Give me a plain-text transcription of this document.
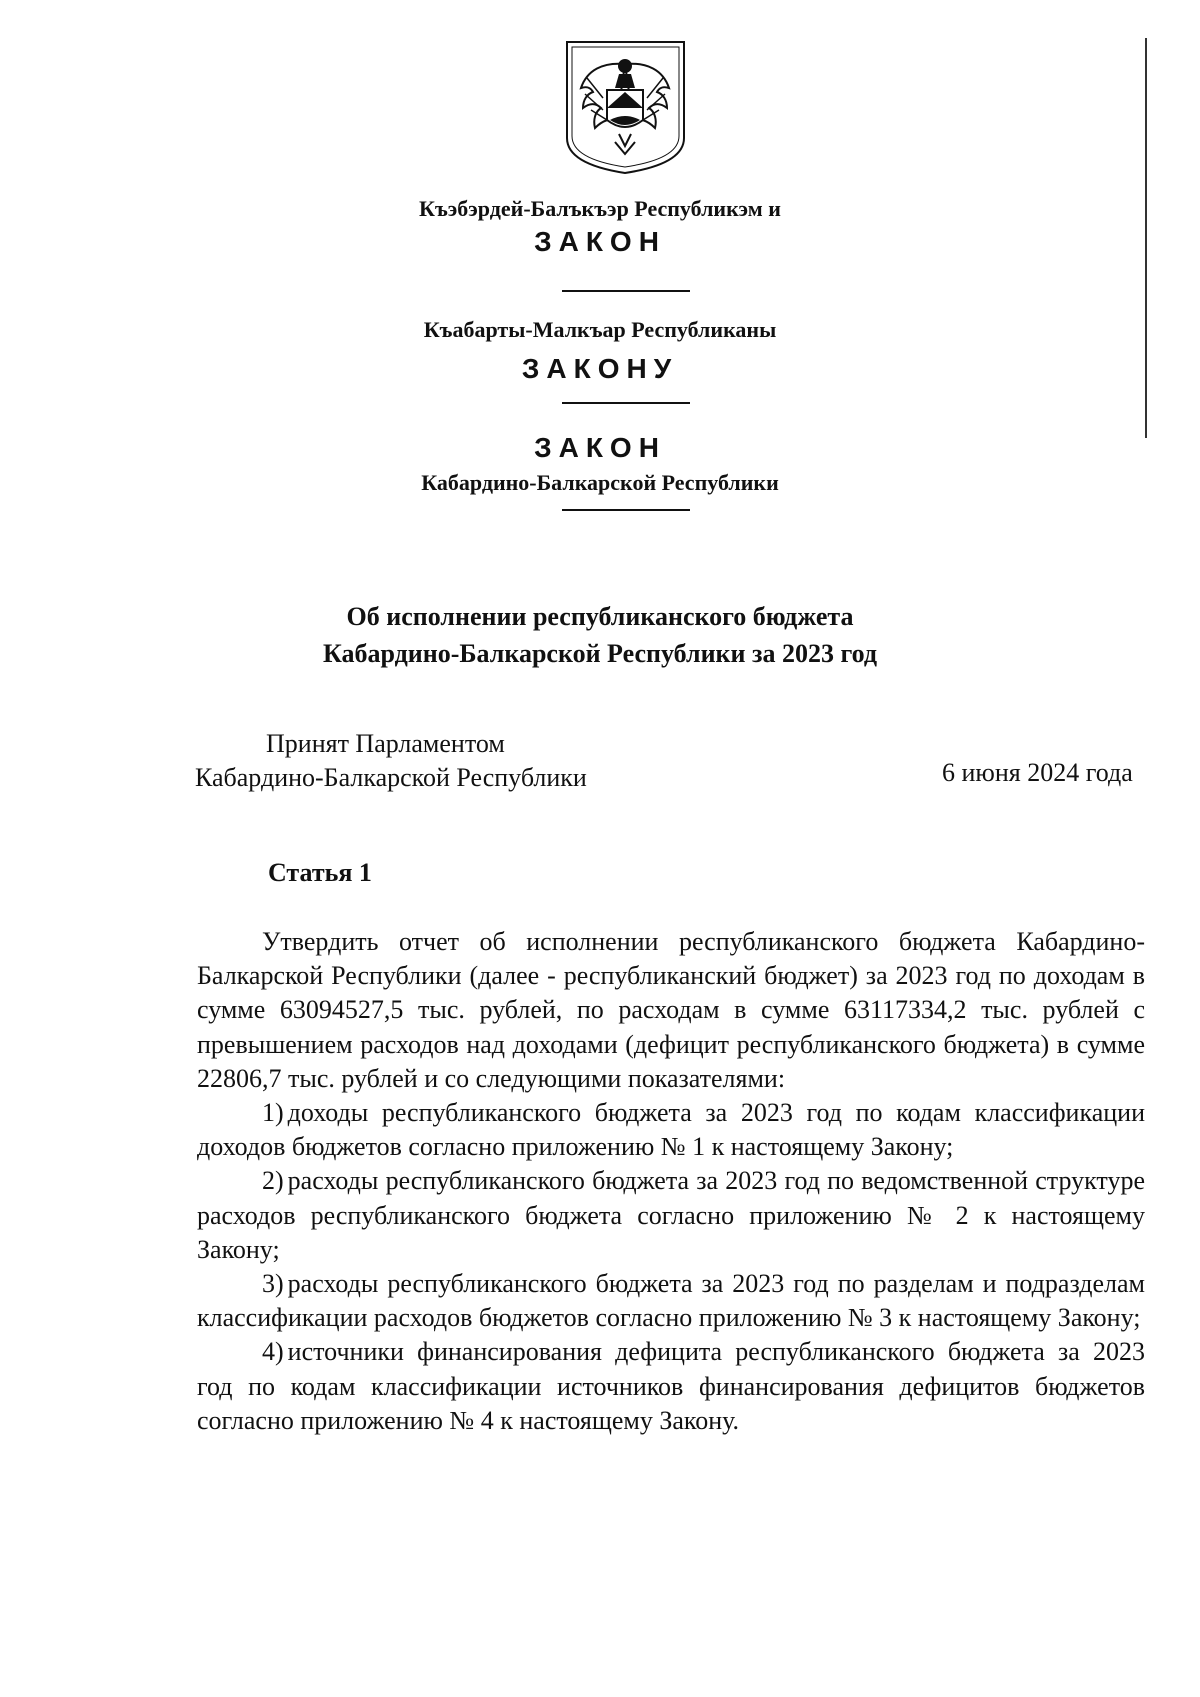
Къэбэрдей-Балъкъэр Республикэм и
ЗАКОН
Къабарты-Малкъар Республиканы
ЗАКОНУ
ЗАКОН
Кабардино-Балкарской Республики
Об исполнении республиканского бюджета
Кабардино-Балкарской Республики за 2023 год
Принят Парламентом
Кабардино-Балкарской Республики	6 июня 2024 года
Статья 1

Утвердить отчет об исполнении республиканского бюджета Кабардино-Балкарской Республики (далее - республиканский бюджет) за 2023 год по доходам в сумме 63094527,5 тыс. рублей, по расходам в сумме 63117334,2 тыс. рублей с превышением расходов над доходами (дефицит республиканского бюджета) в сумме 22806,7 тыс. рублей и со следующими показателями:

1) доходы республиканского бюджета за 2023 год по кодам классификации доходов бюджетов согласно приложению № 1 к настоящему Закону;

2) расходы республиканского бюджета за 2023 год по ведомственной структуре расходов республиканского бюджета согласно приложению № 2 к настоящему Закону;

3) расходы республиканского бюджета за 2023 год по разделам и подразделам классификации расходов бюджетов согласно приложению № 3 к настоящему Закону;

4) источники финансирования дефицита республиканского бюджета за 2023 год по кодам классификации источников финансирования дефицитов бюджетов согласно приложению № 4 к настоящему Закону.
